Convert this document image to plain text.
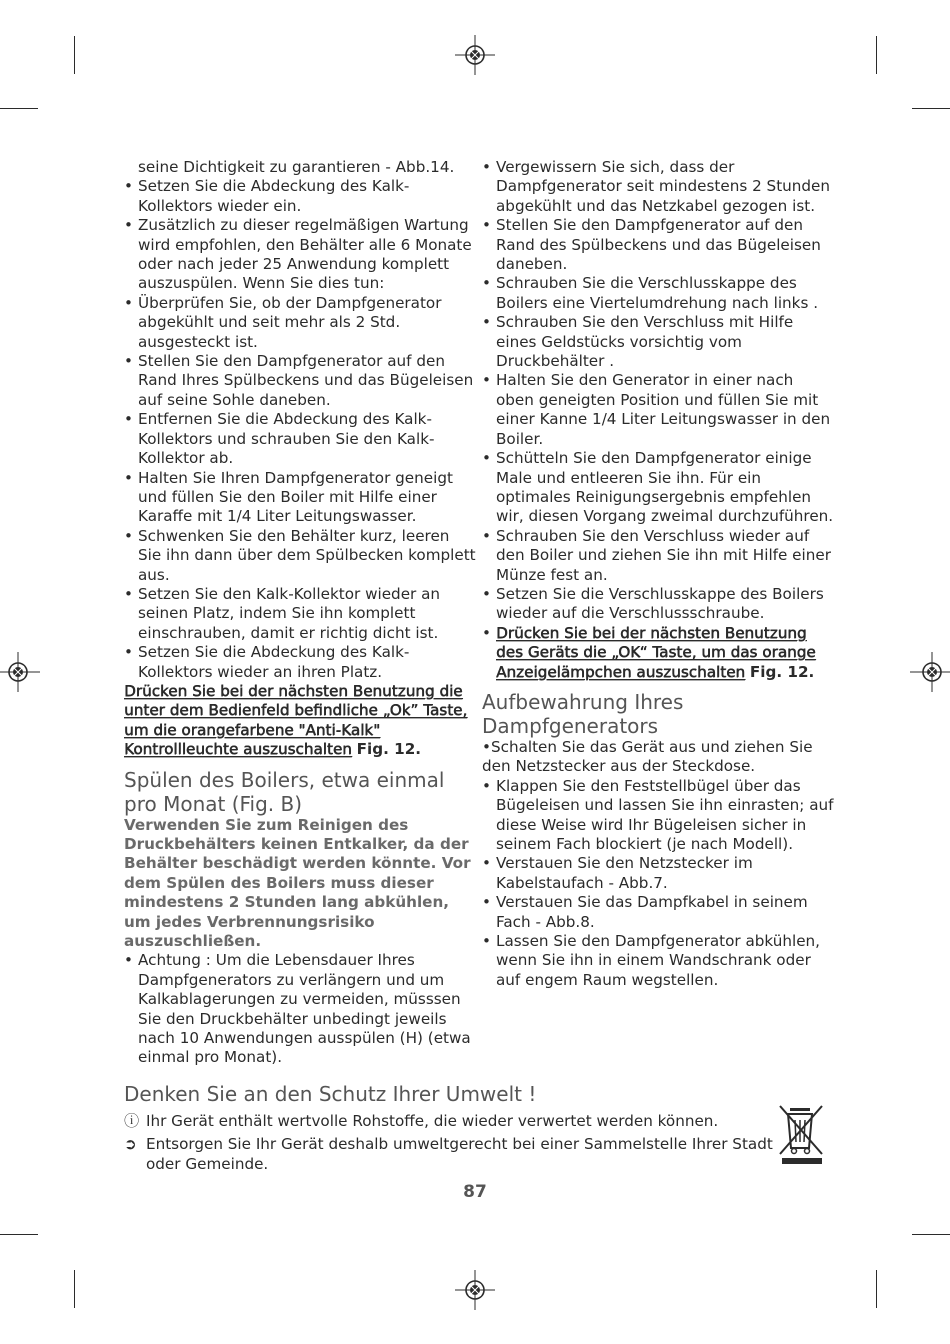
seine Dichtigkeit zu garantieren - Abb.14.
• Setzen Sie die Abdeckung des Kalk-Kollektors wieder ein.
• Zusätzlich zu dieser regelmäßigen Wartung wird empfohlen, den Behälter alle 6 Monate oder nach jeder 25 Anwendung komplett auszuspülen. Wenn Sie dies tun:
• Überprüfen Sie, ob der Dampfgenerator abgekühlt und seit mehr als 2 Std. ausgesteckt ist.
• Stellen Sie den Dampfgenerator auf den Rand Ihres Spülbeckens und das Bügeleisen auf seine Sohle daneben.
• Entfernen Sie die Abdeckung des Kalk-Kollektors und schrauben Sie den Kalk-Kollektor ab.
• Halten Sie Ihren Dampfgenerator geneigt und füllen Sie den Boiler mit Hilfe einer Karaffe mit 1/4 Liter Leitungswasser.
• Schwenken Sie den Behälter kurz, leeren Sie ihn dann über dem Spülbecken komplett aus.
• Setzen Sie den Kalk-Kollektor wieder an seinen Platz, indem Sie ihn komplett einschrauben, damit er richtig dicht ist.
• Setzen Sie die Abdeckung des Kalk-Kollektors wieder an ihren Platz.

Drücken Sie bei der nächsten Benutzung die unter dem Bedienfeld befindliche „Ok” Taste, um die orangefarbene "Anti-Kalk" Kontrollleuchte auszuschalten Fig. 12.

Spülen des Boilers, etwa einmal pro Monat (Fig. B)

Verwenden Sie zum Reinigen des Druckbehälters keinen Entkalker, da der Behälter beschädigt werden könnte. Vor dem Spülen des Boilers muss dieser mindestens 2 Stunden lang abkühlen, um jedes Verbrennungsrisiko auszuschließen.

• Achtung : Um die Lebensdauer Ihres Dampfgenerators zu verlängern und um Kalkablagerungen zu vermeiden, müsssen Sie den Druckbehälter unbedingt jeweils nach 10 Anwendungen ausspülen (H) (etwa einmal pro Monat).
• Vergewissern Sie sich, dass der Dampfgenerator seit mindestens 2 Stunden abgekühlt und das Netzkabel gezogen ist.
• Stellen Sie den Dampfgenerator auf den Rand des Spülbeckens und das Bügeleisen daneben.
• Schrauben Sie die Verschlusskappe des Boilers eine Viertelumdrehung nach links .
• Schrauben Sie den Verschluss mit Hilfe eines Geldstücks vorsichtig vom Druckbehälter .
• Halten Sie den Generator in einer nach oben geneigten Position und füllen Sie mit einer Kanne 1/4 Liter Leitungswasser in den Boiler.
• Schütteln Sie den Dampfgenerator einige Male und entleeren Sie ihn. Für ein optimales Reinigungsergebnis empfehlen wir, diesen Vorgang zweimal durchzuführen.
• Schrauben Sie den Verschluss wieder auf den Boiler und ziehen Sie ihn mit Hilfe einer Münze fest an.
• Setzen Sie die Verschlusskappe des Boilers wieder auf die Verschlussschraube.
• Drücken Sie bei der nächsten Benutzung des Geräts die „OK“ Taste, um das orange Anzeigelämpchen auszuschalten Fig. 12.
Aufbewahrung Ihres Dampfgenerators

•Schalten Sie das Gerät aus und ziehen Sie den Netzstecker aus der Steckdose.

• Klappen Sie den Feststellbügel über das Bügeleisen und lassen Sie ihn einrasten; auf diese Weise wird Ihr Bügeleisen sicher in seinem Fach blockiert (je nach Modell).
• Verstauen Sie den Netzstecker im Kabelstaufach - Abb.7.
• Verstauen Sie das Dampfkabel in seinem Fach - Abb.8.
• Lassen Sie den Dampfgenerator abkühlen, wenn Sie ihn in einem Wandschrank oder auf engem Raum wegstellen.
Denken Sie an den Schutz Ihrer Umwelt !
ⓘ Ihr Gerät enthält wertvolle Rohstoffe, die wieder verwertet werden können.
➲ Entsorgen Sie Ihr Gerät deshalb umweltgerecht bei einer Sammelstelle Ihrer Stadt oder Gemeinde.
87
